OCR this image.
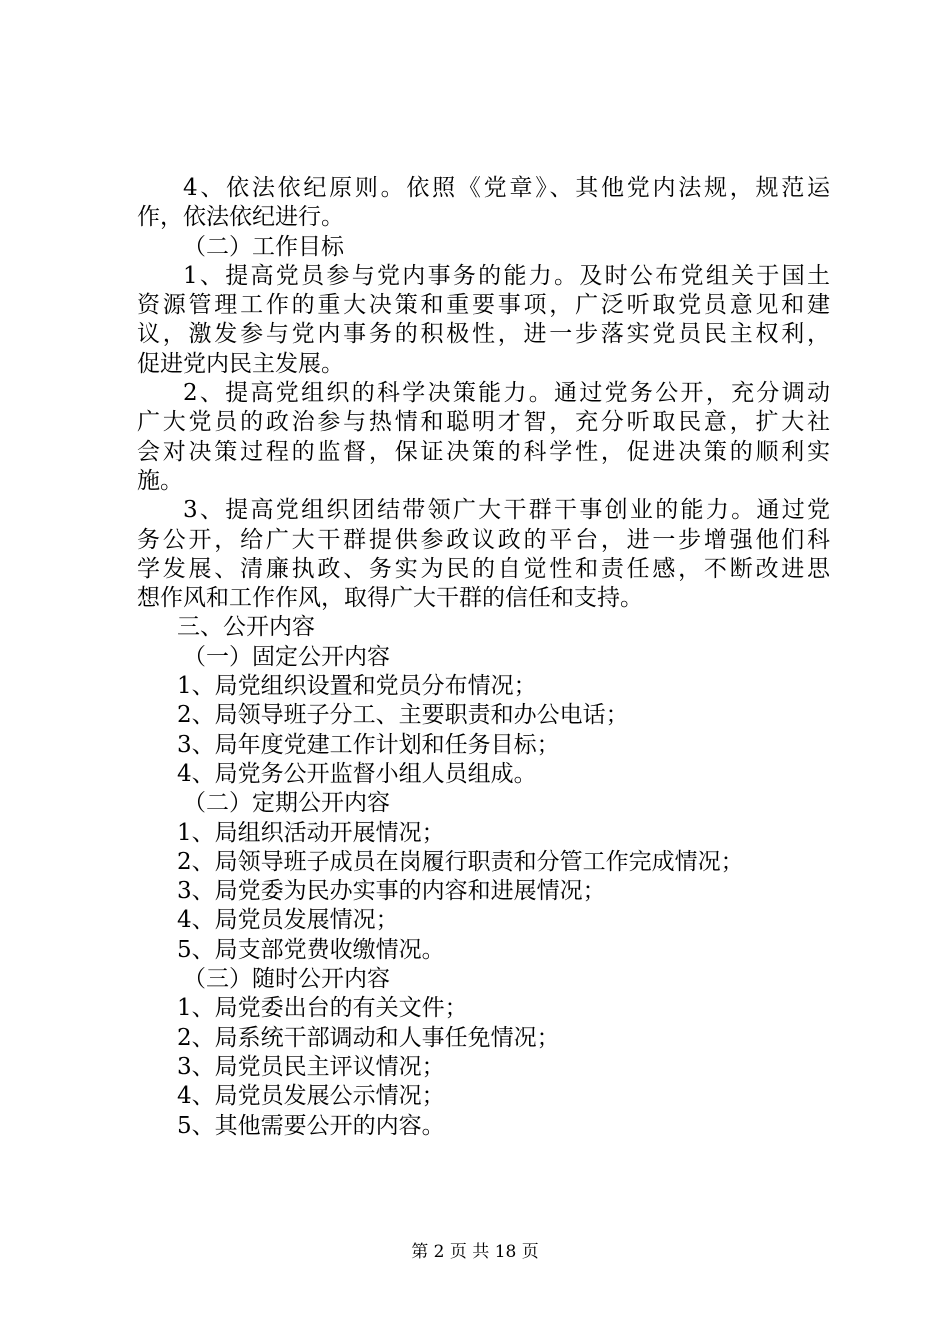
4、依法依纪原则。依照《党章》、其他党内法规，规范运
作，依法依纪进行。
（二）工作目标
1、提高党员参与党内事务的能力。及时公布党组关于国土
资源管理工作的重大决策和重要事项，广泛听取党员意见和建
议，激发参与党内事务的积极性，进一步落实党员民主权利，
促进党内民主发展。
2、提高党组织的科学决策能力。通过党务公开，充分调动
广大党员的政治参与热情和聪明才智，充分听取民意，扩大社
会对决策过程的监督，保证决策的科学性，促进决策的顺利实
施。
3、提高党组织团结带领广大干群干事创业的能力。通过党
务公开，给广大干群提供参政议政的平台，进一步增强他们科
学发展、清廉执政、务实为民的自觉性和责任感，不断改进思
想作风和工作作风，取得广大干群的信任和支持。
三、公开内容
（一）固定公开内容
1、局党组织设置和党员分布情况；
2、局领导班子分工、主要职责和办公电话；
3、局年度党建工作计划和任务目标；
4、局党务公开监督小组人员组成。
（二）定期公开内容
1、局组织活动开展情况；
2、局领导班子成员在岗履行职责和分管工作完成情况；
3、局党委为民办实事的内容和进展情况；
4、局党员发展情况；
5、局支部党费收缴情况。
（三）随时公开内容
1、局党委出台的有关文件；
2、局系统干部调动和人事任免情况；
3、局党员民主评议情况；
4、局党员发展公示情况；
5、其他需要公开的内容。
第 2 页 共 18 页
